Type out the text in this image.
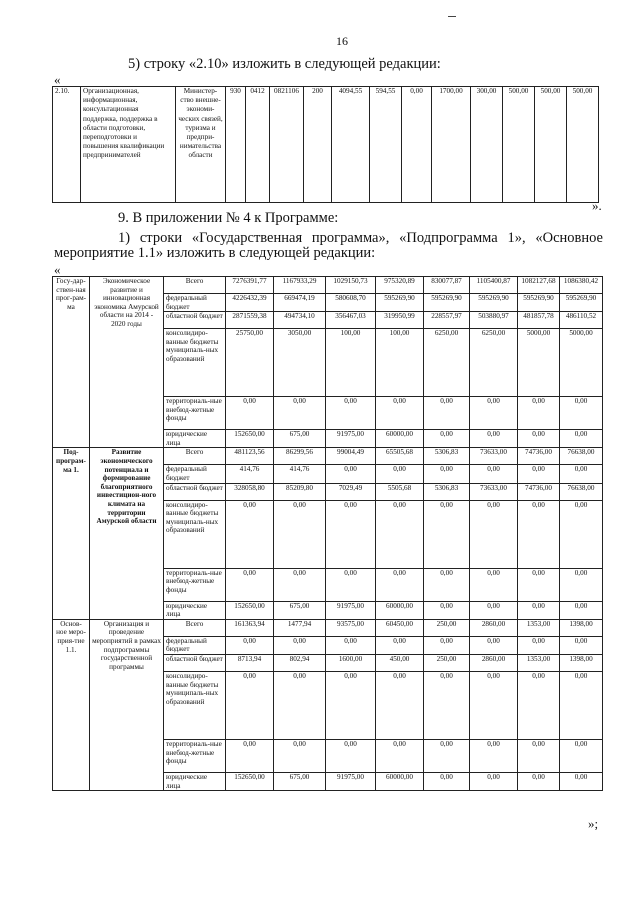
16
5) строку «2.10» изложить в следующей редакции:
«
2.10.	Организационная, информационная, консультационная поддержка, поддержка в области подготовки, переподготовки и повышения квалификации предпринимателей	Министер-ство внешне-экономи-ческих связей, туризма и предпри-нимательства области	930	0412	0821106	200	4094,55	594,55	0,00	1700,00	300,00	500,00	500,00	500,00
».
9. В приложении № 4 к Программе:
1) строки «Государственная программа», «Подпрограмма 1», «Основное
мероприятие 1.1» изложить в следующей редакции:
«
Госу-дар-ствен-ная прог-рам-ма	Экономическое развитие и инновационная экономика Амурской области на 2014 - 2020 годы	Всего	7276391,77	1167933,29	1029150,73	975320,89	830077,87	1105400,87	1082127,68	1086380,42
		федеральный бюджет	4226432,39	669474,19	580608,70	595269,90	595269,90	595269,90	595269,90	595269,90
		областной бюджет	2871559,38	494734,10	356467,03	319950,99	228557,97	503880,97	481857,78	486110,52
		консолидиро-ванные бюджеты муниципаль-ных образований	25750,00	3050,00	100,00	100,00	6250,00	6250,00	5000,00	5000,00
		территориаль-ные внебюд-жетные фонды	0,00	0,00	0,00	0,00	0,00	0,00	0,00	0,00
		юридические лица	152650,00	675,00	91975,00	60000,00	0,00	0,00	0,00	0,00
Под-програм-ма 1.	Развитие экономического потенциала и формирование благоприятного инвестицион-ного климата на территории Амурской области	Всего	481123,56	86299,56	99004,49	65505,68	5306,83	73633,00	74736,00	76638,00
		федеральный бюджет	414,76	414,76	0,00	0,00	0,00	0,00	0,00	0,00
		областной бюджет	328058,80	85209,80	7029,49	5505,68	5306,83	73633,00	74736,00	76638,00
		консолидиро-ванные бюджеты муниципаль-ных образований	0,00	0,00	0,00	0,00	0,00	0,00	0,00	0,00
		территориаль-ные внебюд-жетные фонды	0,00	0,00	0,00	0,00	0,00	0,00	0,00	0,00
		юридические лица	152650,00	675,00	91975,00	60000,00	0,00	0,00	0,00	0,00
Основ-ное меро-прия-тие 1.1.	Организация и проведение мероприятий в рамках подпрограммы государственной программы	Всего	161363,94	1477,94	93575,00	60450,00	250,00	2860,00	1353,00	1398,00
		федеральный бюджет	0,00	0,00	0,00	0,00	0,00	0,00	0,00	0,00
		областной бюджет	8713,94	802,94	1600,00	450,00	250,00	2860,00	1353,00	1398,00
		консолидиро-ванные бюджеты муниципаль-ных образований	0,00	0,00	0,00	0,00	0,00	0,00	0,00	0,00
		территориаль-ные внебюд-жетные фонды	0,00	0,00	0,00	0,00	0,00	0,00	0,00	0,00
		юридические лица	152650,00	675,00	91975,00	60000,00	0,00	0,00	0,00	0,00
»;
